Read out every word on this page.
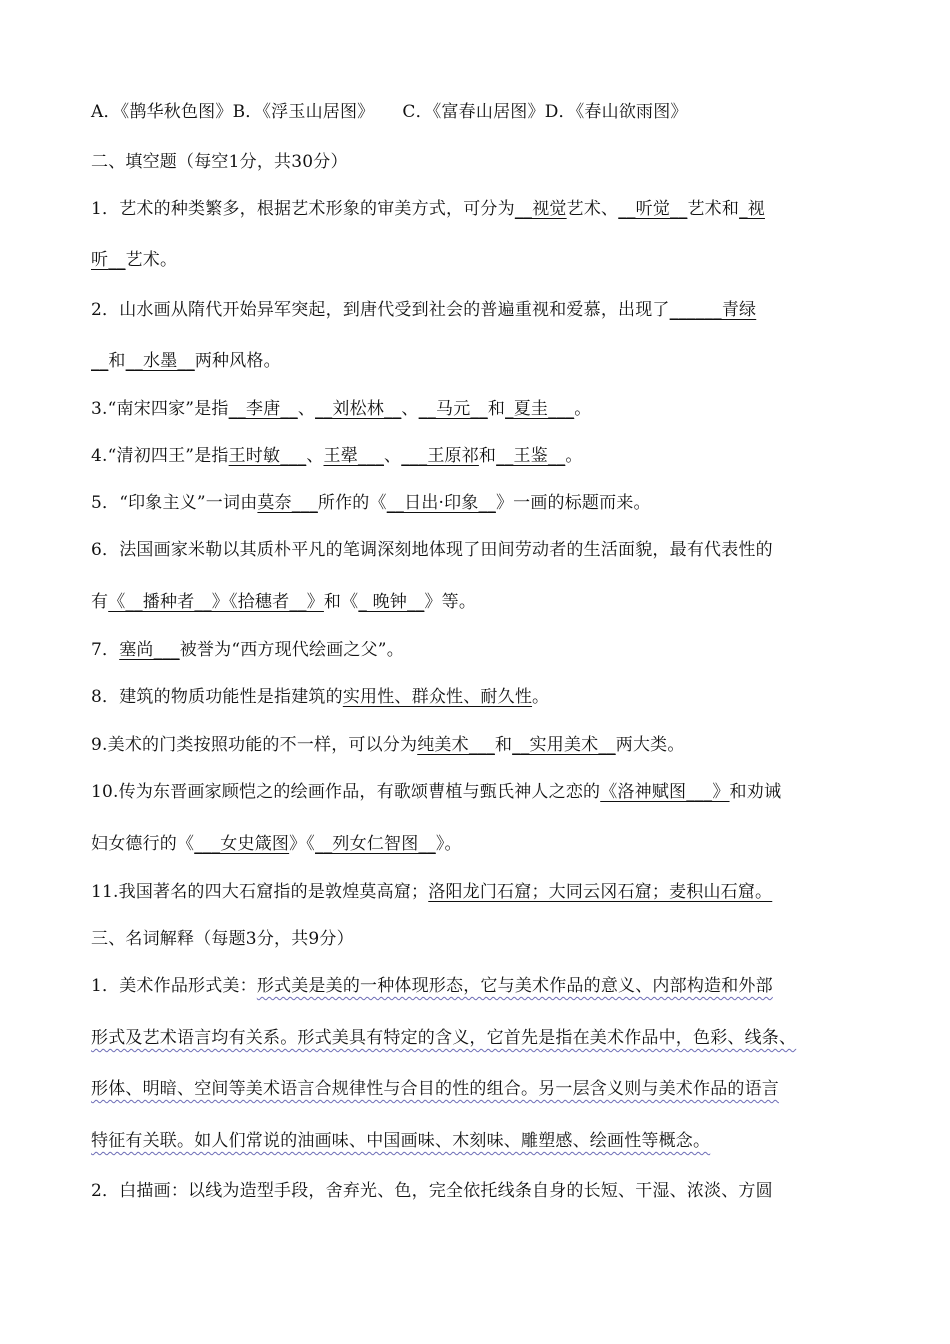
A．《鹊华秋色图》B．《浮玉山居图》 C．《富春山居图》D．《春山欲雨图》
二、填空题（每空1分，共30分）
1．艺术的种类繁多，根据艺术形象的审美方式，可分为__视觉艺术、__听觉__艺术和_视
听__艺术。
2．山水画从隋代开始异军突起，到唐代受到社会的普遍重视和爱慕，出现了______青绿
__和__水墨__两种风格。
3.“南宋四家”是指__李唐__、__刘松林__、__马元__和_夏圭___。
4.“清初四王”是指王时敏___、王翚___、___王原祁和__王鉴__。
5．“印象主义”一词由莫奈___所作的《__日出·印象__》一画的标题而来。
6．法国画家米勒以其质朴平凡的笔调深刻地体现了田间劳动者的生活面貌，最有代表性的
有《__播种者__》《拾穗者__》和《_ 晚钟__》等。
7．塞尚___被誉为“西方现代绘画之父”。
8．建筑的物质功能性是指建筑的实用性、群众性、耐久性。
9.美术的门类按照功能的不一样，可以分为纯美术___和__实用美术__两大类。
10.传为东晋画家顾恺之的绘画作品，有歌颂曹植与甄氏神人之恋的《洛神赋图___》和劝诫
妇女德行的《___女史箴图》《__列女仁智图__》。
11.我国著名的四大石窟指的是敦煌莫高窟；洛阳龙门石窟；大同云冈石窟；麦积山石窟。
三、名词解释（每题3分，共9分）
1．美术作品形式美：形式美是美的一种体现形态，它与美术作品的意义、内部构造和外部
形式及艺术语言均有关系。形式美具有特定的含义，它首先是指在美术作品中，色彩、线条、
形体、明暗、空间等美术语言合规律性与合目的性的组合。另一层含义则与美术作品的语言
特征有关联。如人们常说的油画味、中国画味、木刻味、雕塑感、绘画性等概念。
2．白描画：以线为造型手段，舍弃光、色，完全依托线条自身的长短、干湿、浓淡、方圆
